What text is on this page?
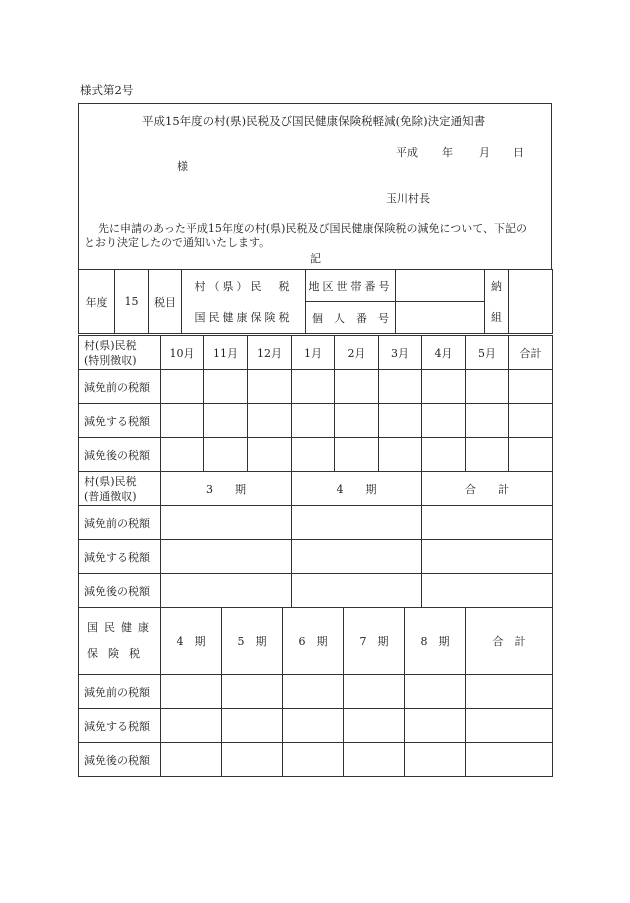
様式第2号
平成15年度の村(県)民税及び国民健康保険税軽減(免除)決定通知書
平成 年 月 日
様
玉川村長
先に申請のあった平成15年度の村(県)民税及び国民健康保険税の減免について、下記の
とおり決定したので通知いたします。
記
年度	15	税目	村（県）民　税	地区世帯番号		納	
			国民健康保険税	個　人　番　号		組	
村(県)民税
(特別徴収)	10月	11月	12月	1月	2月	3月	4月	5月	合計
減免前の税額									
減免する税額									
減免後の税額									
村(県)民税
(普通徴収)	3　　期	4　　期	合　　計
減免前の税額			
減免する税額			
減免後の税額			
国民健康
保険税	4　期	5　期	6　期	7　期	8　期	合　計
減免前の税額						
減免する税額						
減免後の税額						
